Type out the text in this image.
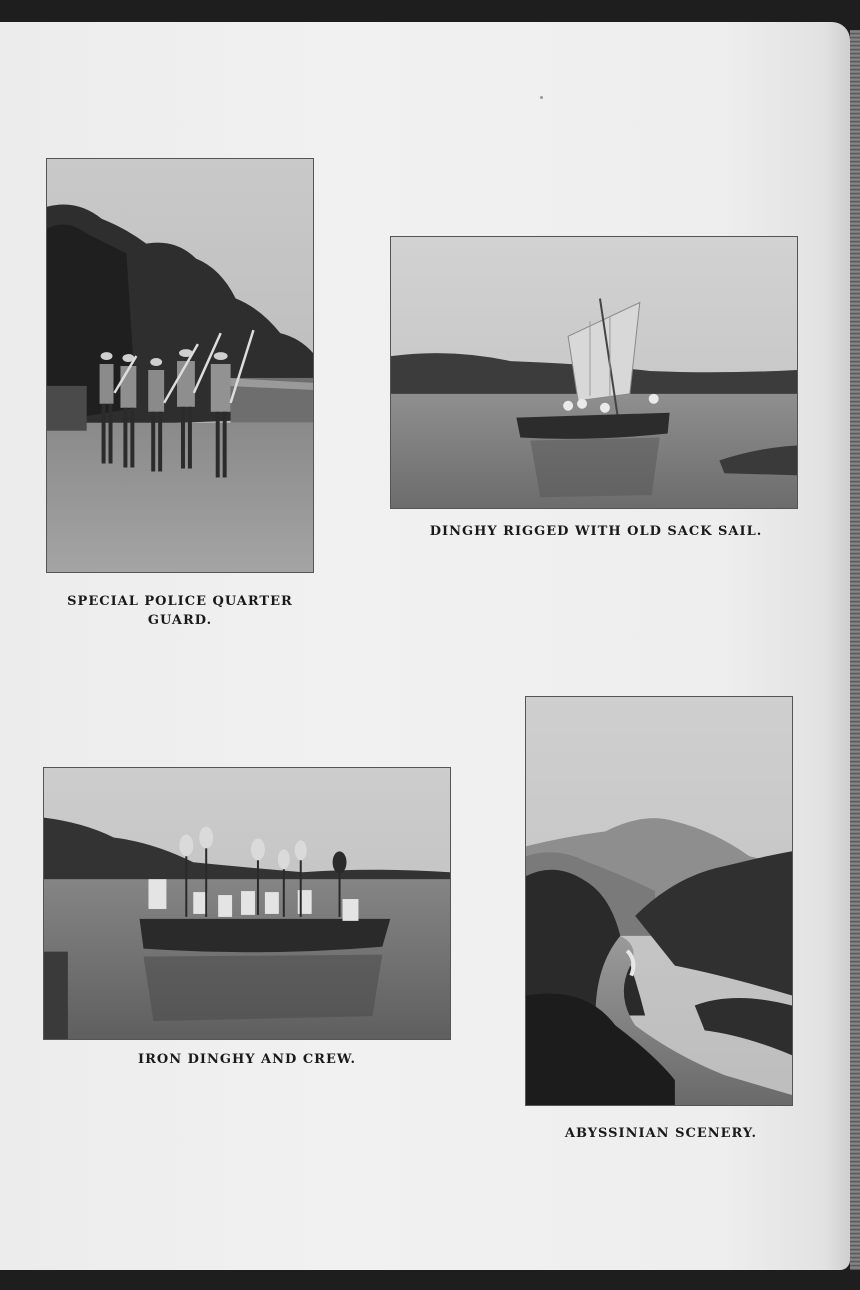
SPECIAL POLICE QUARTER
GUARD.
DINGHY RIGGED WITH OLD SACK SAIL.
IRON DINGHY AND CREW.
ABYSSINIAN SCENERY.
